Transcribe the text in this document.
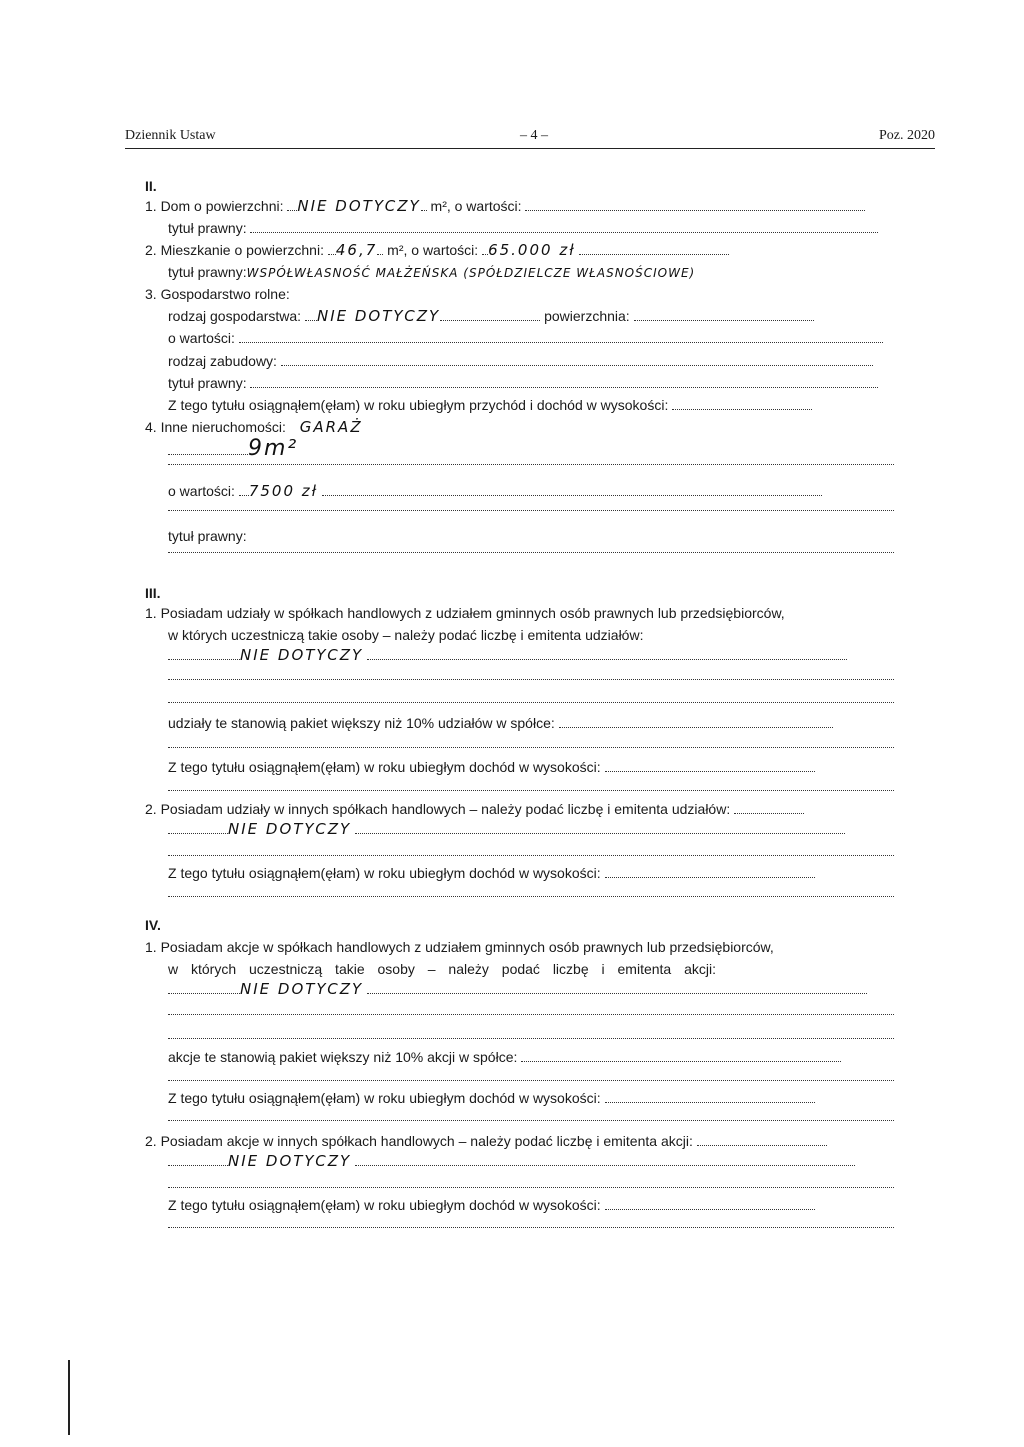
Dziennik Ustaw	– 4 –	Poz. 2020
II.
1. Dom o powierzchni: NIE DOTYCZY m², o wartości:
tytuł prawny:
2. Mieszkanie o powierzchni: 46,7 m², o wartości: 65.000 zł
tytuł prawny:WSPÓŁWŁASNOŚĆ MAŁŻEŃSKA (SPÓŁDZIELCZE WŁASNOŚCIOWE)
3. Gospodarstwo rolne:
rodzaj gospodarstwa: NIE DOTYCZY	powierzchnia:
o wartości:
rodzaj zabudowy:
tytuł prawny:
Z tego tytułu osiągnąłem(ęłam) w roku ubiegłym przychód i dochód w wysokości:
4. Inne nieruchomości: GARAŻ
9m²
o wartości: 7500 zł
tytuł prawny:
III.
1. Posiadam udziały w spółkach handlowych z udziałem gminnych osób prawnych lub przedsiębiorców,
w których uczestniczą takie osoby – należy podać liczbę i emitenta udziałów:
NIE DOTYCZY
udziały te stanowią pakiet większy niż 10% udziałów w spółce:
Z tego tytułu osiągnąłem(ęłam) w roku ubiegłym dochód w wysokości:
2. Posiadam udziały w innych spółkach handlowych – należy podać liczbę i emitenta udziałów:
NIE DOTYCZY
Z tego tytułu osiągnąłem(ęłam) w roku ubiegłym dochód w wysokości:
IV.
1. Posiadam akcje w spółkach handlowych z udziałem gminnych osób prawnych lub przedsiębiorców,
w których uczestniczą takie osoby – należy podać liczbę i emitenta akcji:
NIE DOTYCZY
akcje te stanowią pakiet większy niż 10% akcji w spółce:
Z tego tytułu osiągnąłem(ęłam) w roku ubiegłym dochód w wysokości:
2. Posiadam akcje w innych spółkach handlowych – należy podać liczbę i emitenta akcji:
NIE DOTYCZY
Z tego tytułu osiągnąłem(ęłam) w roku ubiegłym dochód w wysokości:
